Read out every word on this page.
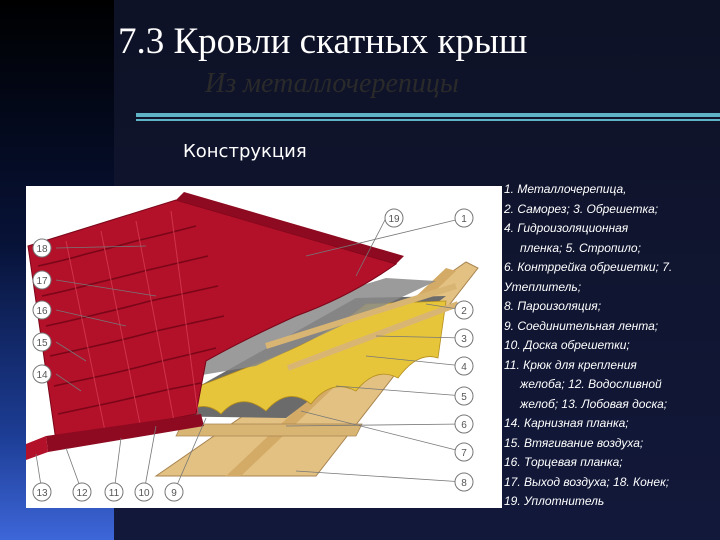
7.3 Кровли скатных крыш
Из металлочерепицы
Конструкция
19	1
18
17
16
15
14
2
3
4
5
6
7
8
9
10
11
12
13
1. Металлочерепица,
2. Саморез; 3. Обрешетка;
4. Гидроизоляционная
пленка; 5. Стропило;
6. Контррейка обрешетки; 7.
Утеплитель;
8. Пароизоляция;
9. Соединительная лента;
10. Доска обрешетки;
11. Крюк для крепления
желоба; 12. Водосливной
желоб; 13. Лобовая доска;
14. Карнизная планка;
15. Втягивание воздуха;
16. Торцевая планка;
17. Выход воздуха; 18. Конек;
19. Уплотнитель
